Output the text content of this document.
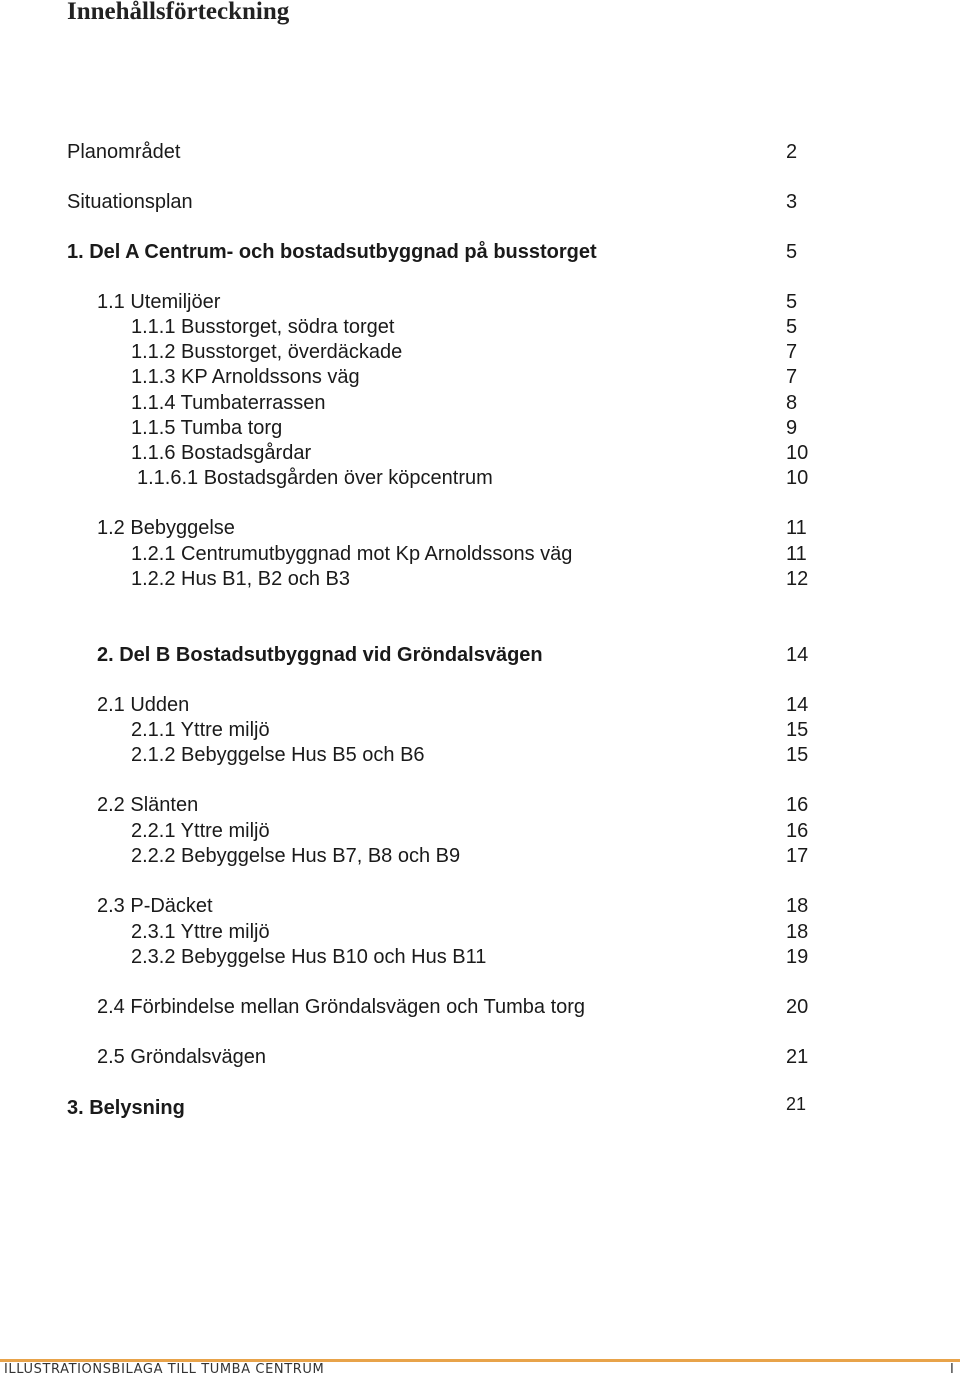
Innehållsförteckning
Planområdet	2
Situationsplan	3
1. Del A Centrum- och bostadsutbyggnad på busstorget	5
1.1 Utemiljöer	5
1.1.1 Busstorget, södra torget	5
1.1.2 Busstorget, överdäckade	7
1.1.3 KP Arnoldssons väg	7
1.1.4 Tumbaterrassen	8
1.1.5 Tumba torg	9
1.1.6 Bostadsgårdar	10
1.1.6.1 Bostadsgården över köpcentrum	10
1.2 Bebyggelse	11
1.2.1 Centrumutbyggnad mot Kp Arnoldssons väg	11
1.2.2 Hus B1, B2 och B3	12
2. Del B Bostadsutbyggnad vid Gröndalsvägen	14
2.1 Udden	14
2.1.1 Yttre miljö	15
2.1.2 Bebyggelse Hus B5 och B6	15
2.2 Slänten	16
2.2.1 Yttre miljö	16
2.2.2 Bebyggelse Hus B7, B8 och B9	17
2.3 P-Däcket	18
2.3.1 Yttre miljö	18
2.3.2 Bebyggelse Hus B10 och Hus B11	19
2.4 Förbindelse mellan Gröndalsvägen och Tumba torg	20
2.5 Gröndalsvägen	21
3. Belysning	21
ILLUSTRATIONSBILAGA TILL TUMBA CENTRUM	I
